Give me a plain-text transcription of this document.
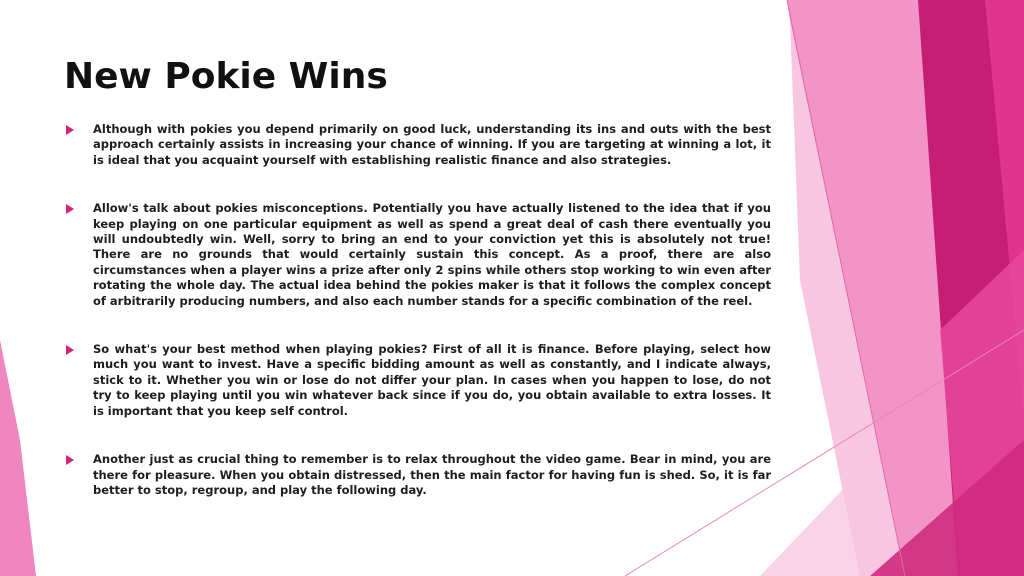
New Pokie Wins
Although with pokies you depend primarily on good luck, understanding its ins and outs with the best approach certainly assists in increasing your chance of winning. If you are targeting at winning a lot, it is ideal that you acquaint yourself with establishing realistic finance and also strategies.
Allow's talk about pokies misconceptions. Potentially you have actually listened to the idea that if you keep playing on one particular equipment as well as spend a great deal of cash there eventually you will undoubtedly win. Well, sorry to bring an end to your conviction yet this is absolutely not true! There are no grounds that would certainly sustain this concept. As a proof, there are also circumstances when a player wins a prize after only 2 spins while others stop working to win even after rotating the whole day. The actual idea behind the pokies maker is that it follows the complex concept of arbitrarily producing numbers, and also each number stands for a specific combination of the reel.
So what's your best method when playing pokies? First of all it is finance. Before playing, select how much you want to invest. Have a specific bidding amount as well as constantly, and I indicate always, stick to it. Whether you win or lose do not differ your plan. In cases when you happen to lose, do not try to keep playing until you win whatever back since if you do, you obtain available to extra losses. It is important that you keep self control.
Another just as crucial thing to remember is to relax throughout the video game. Bear in mind, you are there for pleasure. When you obtain distressed, then the main factor for having fun is shed. So, it is far better to stop, regroup, and play the following day.
